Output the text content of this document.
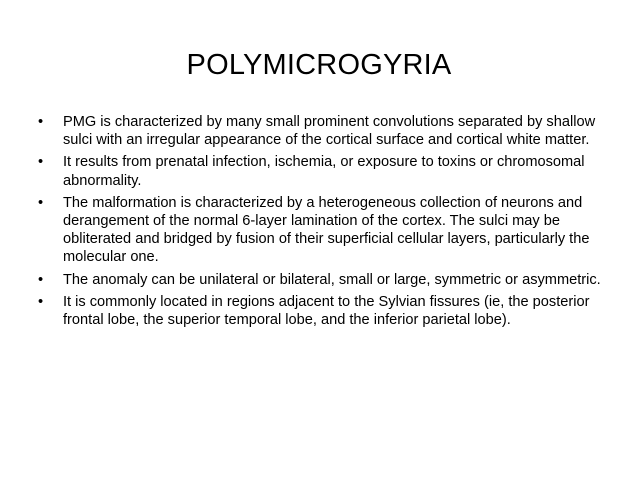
POLYMICROGYRIA
•	PMG is characterized by many small prominent convolutions separated by shallow sulci with an irregular appearance of the cortical surface and cortical white matter.
•	It results from prenatal infection, ischemia, or exposure to toxins or chromosomal abnormality.
•	The malformation is characterized by a heterogeneous collection of neurons and derangement of the normal 6-layer lamination of the cortex. The sulci may be obliterated and bridged by fusion of their superficial cellular layers, particularly the molecular one.
•	The anomaly can be unilateral or bilateral, small or large, symmetric or asymmetric.
•	It is commonly located in regions adjacent to the Sylvian fissures (ie, the posterior frontal lobe, the superior temporal lobe, and the inferior parietal lobe).
